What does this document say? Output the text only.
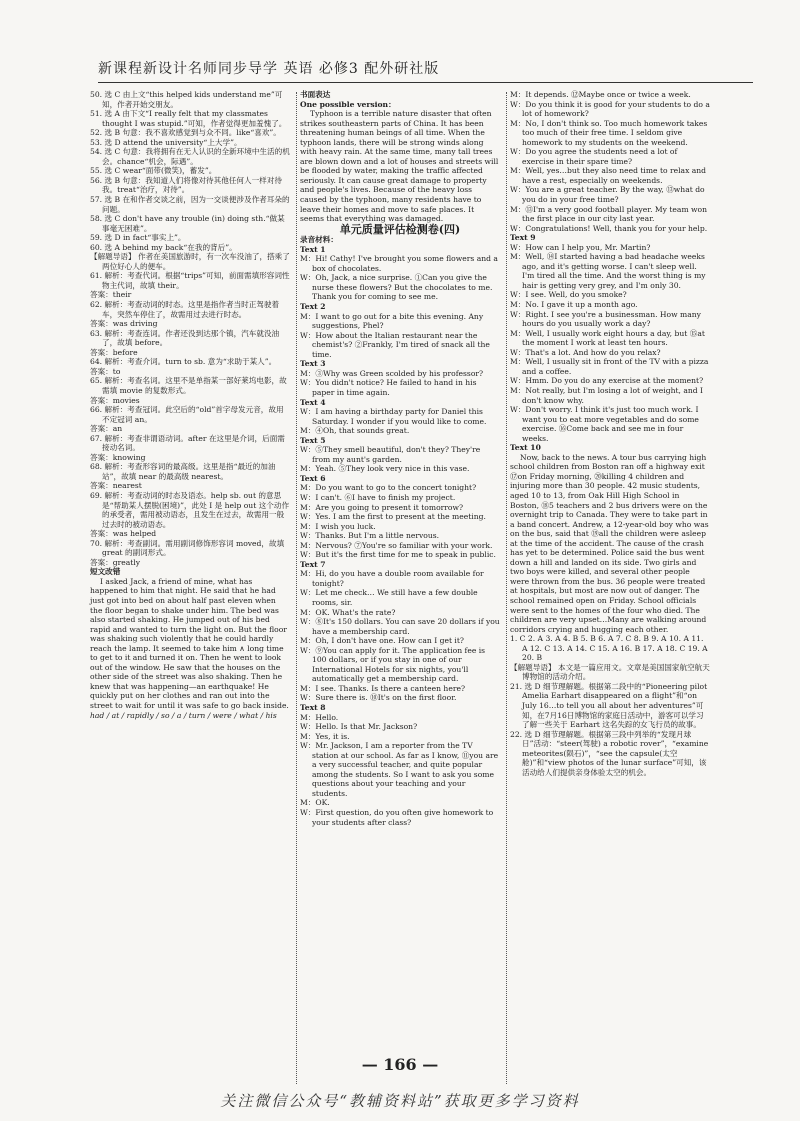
新课程新设计名师同步导学 英语 必修3 配外研社版
50. 选 C 由上文“this helped kids understand me”可知，作者开始交朋友。
51. 选 A 由下文“I really felt that my classmates thought I was stupid.”可知，作者觉得更加羞愧了。
52. 选 B 句意：我不喜欢感觉到与众不同。like“喜欢”。
53. 选 D attend the university“上大学”。
54. 选 C 句意：我将拥有在无人认识的全新环境中生活的机会。chance“机会，际遇”。
55. 选 C wear“面带(微笑)，蓄发”。
56. 选 B 句意：我知道人们将像对待其他任何人一样对待我。treat“治疗，对待”。
57. 选 B 在和作者交谈之前，因为一交谈便涉及作者耳朵的问题。
58. 选 C don't have any trouble (in) doing sth.“做某事毫无困难”。
59. 选 D in fact“事实上”。
60. 选 A behind my back“在我的背后”。
【解题导语】 作者在美国旅游时，有一次车没油了，搭乘了两位好心人的便车。
61. 解析：考查代词。根据“trips”可知，前面需填形容词性物主代词，故填 their。
答案：their
62. 解析：考查动词的时态。这里是指作者当时正驾驶着车，突然车停住了，故需用过去进行时态。
答案：was driving
63. 解析：考查连词。作者还没到达那个镇，汽车就没油了，故填 before。
答案：before
64. 解析：考查介词。turn to sb. 意为“求助于某人”。
答案：to
65. 解析：考查名词。这里不是单指某一部好莱坞电影，故需填 movie 的复数形式。
答案：movies
66. 解析：考查冠词。此空后的“old”首字母发元音，故用不定冠词 an。
答案：an
67. 解析：考查非谓语动词。after 在这里是介词，后面需接动名词。
答案：knowing
68. 解析：考查形容词的最高级。这里是指“最近的加油站”，故填 near 的最高级 nearest。
答案：nearest
69. 解析：考查动词的时态及语态。help sb. out 的意思是“帮助某人摆脱(困境)”，此处 I 是 help out 这个动作的承受者，需用被动语态，且发生在过去，故需用一般过去时的被动语态。
答案：was helped
70. 解析：考查副词。需用副词修饰形容词 moved，故填 great 的副词形式。
答案：greatly
短文改错
I asked Jack, a friend of mine, what has happened to him that night. He said that he had just got into bed on about half past eleven when the floor began to shake under him. The bed was also started shaking. He jumped out of his bed rapid and wanted to turn the light on. But the floor was shaking such violently that he could hardly reach the lamp. It seemed to take him ∧ long time to get to it and turned it on. Then he went to look out of the window. He saw that the houses on the other side of the street was also shaking. Then he knew that was happening—an earthquake! He quickly put on her clothes and ran out into the street to wait for until it was safe to go back inside.
had / at / rapidly / so / a / turn / were / what / his
书面表达
One possible version：
Typhoon is a terrible nature disaster that often strikes southeastern parts of China. It has been threatening human beings of all time. When the typhoon lands, there will be strong winds along with heavy rain. At the same time, many tall trees are blown down and a lot of houses and streets will be flooded by water, making the traffic affected seriously. It can cause great damage to property and people's lives. Because of the heavy loss caused by the typhoon, many residents have to leave their homes and move to safe places. It seems that everything was damaged.
单元质量评估检测卷(四)
录音材料：
Text 1
M：Hi! Cathy! I've brought you some flowers and a box of chocolates.
W：Oh, Jack, a nice surprise. ①Can you give the nurse these flowers? But the chocolates to me. Thank you for coming to see me.
Text 2
M：I want to go out for a bite this evening. Any suggestions, Phel?
W：How about the Italian restaurant near the chemist's? ②Frankly, I'm tired of snack all the time.
Text 3
M：③Why was Green scolded by his professor?
W：You didn't notice? He failed to hand in his paper in time again.
Text 4
W：I am having a birthday party for Daniel this Saturday. I wonder if you would like to come.
M：④Oh, that sounds great.
Text 5
W：⑤They smell beautiful, don't they? They're from my aunt's garden.
M：Yeah. ⑤They look very nice in this vase.
Text 6
M：Do you want to go to the concert tonight?
W：I can't. ⑥I have to finish my project.
M：Are you going to present it tomorrow?
W：Yes. I am the first to present at the meeting.
M：I wish you luck.
W：Thanks. But I'm a little nervous.
M：Nervous? ⑦You're so familiar with your work.
W：But it's the first time for me to speak in public.
Text 7
M：Hi, do you have a double room available for tonight?
W：Let me check… We still have a few double rooms, sir.
M：OK. What's the rate?
W：⑧It's 150 dollars. You can save 20 dollars if you have a membership card.
M：Oh, I don't have one. How can I get it?
W：⑨You can apply for it. The application fee is 100 dollars, or if you stay in one of our International Hotels for six nights, you'll automatically get a membership card.
M：I see. Thanks. Is there a canteen here?
W：Sure there is. ⑩It's on the first floor.
Text 8
M：Hello.
W：Hello. Is that Mr. Jackson?
M：Yes, it is.
W：Mr. Jackson, I am a reporter from the TV station at our school. As far as I know, ⑪you are a very successful teacher, and quite popular among the students. So I want to ask you some questions about your teaching and your students.
M：OK.
W：First question, do you often give homework to your students after class?
M：It depends. ⑫Maybe once or twice a week.
W：Do you think it is good for your students to do a lot of homework?
M：No, I don't think so. Too much homework takes too much of their free time. I seldom give homework to my students on the weekend.
W：Do you agree the students need a lot of exercise in their spare time?
M：Well, yes…but they also need time to relax and have a rest, especially on weekends.
W：You are a great teacher. By the way, ⑬what do you do in your free time?
M：⑬I'm a very good football player. My team won the first place in our city last year.
W：Congratulations! Well, thank you for your help.
Text 9
W：How can I help you, Mr. Martin?
M：Well, ⑭I started having a bad headache weeks ago, and it's getting worse. I can't sleep well. I'm tired all the time. And the worst thing is my hair is getting very grey, and I'm only 30.
W：I see. Well, do you smoke?
M：No. I gave it up a month ago.
W：Right. I see you're a businessman. How many hours do you usually work a day?
M：Well, I usually work eight hours a day, but ⑮at the moment I work at least ten hours.
W：That's a lot. And how do you relax?
M：Well, I usually sit in front of the TV with a pizza and a coffee.
W：Hmm. Do you do any exercise at the moment?
M：Not really, but I'm losing a lot of weight, and I don't know why.
W：Don't worry. I think it's just too much work. I want you to eat more vegetables and do some exercise. ⑯Come back and see me in four weeks.
Text 10
Now, back to the news. A tour bus carrying high school children from Boston ran off a highway exit ⑰on Friday morning, ⑳killing 4 children and injuring more than 30 people. 42 music students, aged 10 to 13, from Oak Hill High School in Boston, ⑱5 teachers and 2 bus drivers were on the overnight trip to Canada. They were to take part in a band concert. Andrew, a 12-year-old boy who was on the bus, said that ⑲all the children were asleep at the time of the accident. The cause of the crash has yet to be determined. Police said the bus went down a hill and landed on its side. Two girls and two boys were killed, and several other people were thrown from the bus. 36 people were treated at hospitals, but most are now out of danger. The school remained open on Friday. School officials were sent to the homes of the four who died. The children are very upset…Many are walking around corridors crying and hugging each other.
1. C 2. A 3. A 4. B 5. B 6. A 7. C 8. B 9. A 10. A 11. A 12. C 13. A 14. C 15. A 16. B 17. A 18. C 19. A 20. B
【解题导语】 本文是一篇应用文。文章是美国国家航空航天博物馆的活动介绍。
21. 选 D 细节理解题。根据第二段中的“Pioneering pilot Amelia Earhart disappeared on a flight”和“on July 16…to tell you all about her adventures”可知，在7月16日博物馆的家庭日活动中，游客可以学习了解一些关于 Earhart 这名失踪的女飞行员的故事。
22. 选 D 细节理解题。根据第三段中列举的“发现月球日”活动：“steer(驾驶) a robotic rover”，“examine meteorites(陨石)”，“see the capsule(太空舱)”和“view photos of the lunar surface”可知，该活动给人们提供亲身体验太空的机会。
— 166 —
关注微信公众号“教辅资料站”获取更多学习资料
